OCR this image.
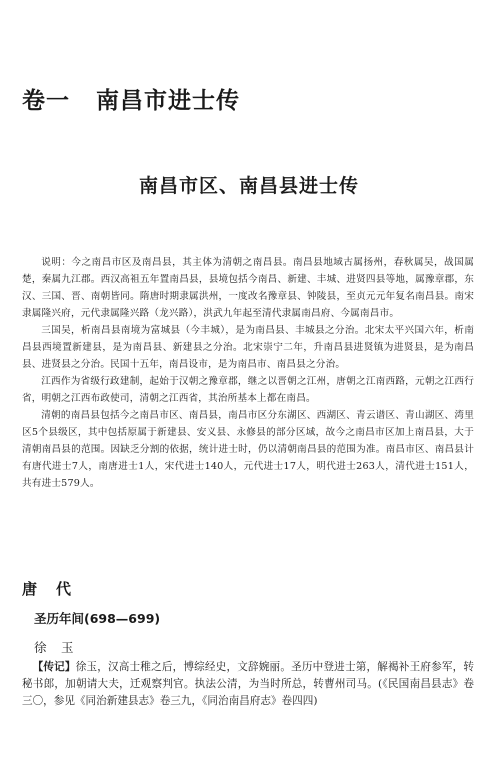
卷一 南昌市进士传
南昌市区、南昌县进士传

说明：今之南昌市区及南昌县，其主体为清朝之南昌县。南昌县地域古属扬州，春秋属吴，战国属楚，秦属九江郡。西汉高祖五年置南昌县，县境包括今南昌、新建、丰城、进贤四县等地，属豫章郡，东汉、三国、晋、南朝皆同。隋唐时期隶属洪州，一度改名豫章县、钟陵县，至贞元元年复名南昌县。南宋隶属隆兴府，元代隶属隆兴路（龙兴路），洪武九年起至清代隶属南昌府、今属南昌市。

三国吴，析南昌县南境为富城县（今丰城），是为南昌县、丰城县之分治。北宋太平兴国六年，析南昌县西境置新建县，是为南昌县、新建县之分治。北宋崇宁二年，升南昌县进贤镇为进贤县，是为南昌县、进贤县之分治。民国十五年，南昌设市，是为南昌市、南昌县之分治。

江西作为省级行政建制，起始于汉朝之豫章郡，继之以晋朝之江州，唐朝之江南西路，元朝之江西行省，明朝之江西布政使司，清朝之江西省，其治所基本上都在南昌。

清朝的南昌县包括今之南昌市区、南昌县，南昌市区分东湖区、西湖区、青云谱区、青山湖区、湾里区5个县级区，其中包括原属于新建县、安义县、永修县的部分区域，故今之南昌市区加上南昌县，大于清朝南昌县的范围。因缺乏分割的依据，统计进士时，仍以清朝南昌县的范围为准。南昌市区、南昌县计有唐代进士7人，南唐进士1人，宋代进士140人，元代进士17人，明代进士263人，清代进士151人，共有进士579人。

唐　代
圣历年间(698—699)
徐　玉

【传记】徐玉，汉高士稚之后，博综经史，文辞婉丽。圣历中登进士第，解褐补王府参军，转秘书郎，加朝请大夫，迁观察判官。执法公清，为当时所总，转曹州司马。(《民国南昌县志》卷三〇，参见《同治新建县志》卷三九，《同治南昌府志》卷四四)
